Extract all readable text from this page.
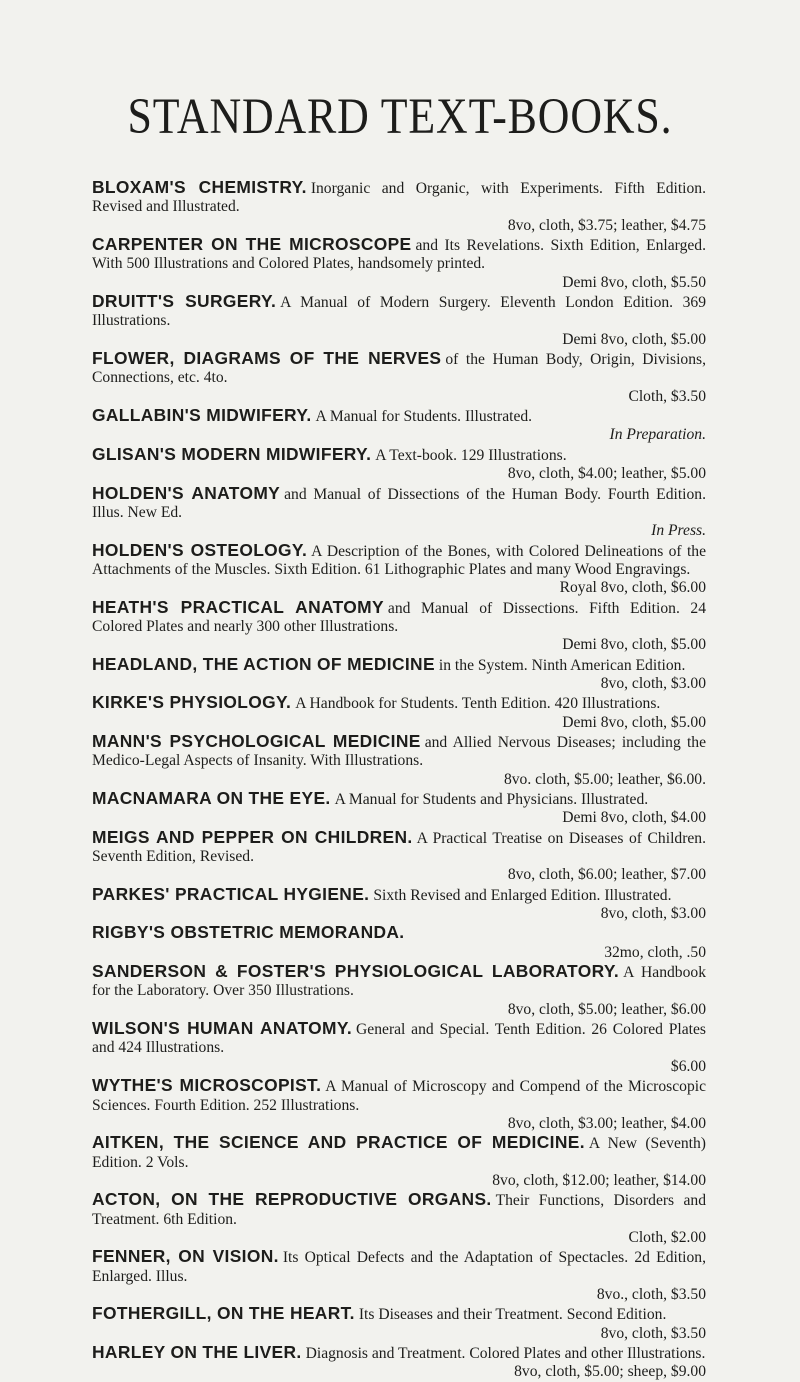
STANDARD TEXT-BOOKS.
BLOXAM'S CHEMISTRY. Inorganic and Organic, with Experiments. Fifth Edition. Revised and Illustrated.
8vo, cloth, $3.75; leather, $4.75
CARPENTER ON THE MICROSCOPE and Its Revelations. Sixth Edition, Enlarged. With 500 Illustrations and Colored Plates, handsomely printed.
Demi 8vo, cloth, $5.50
DRUITT'S SURGERY. A Manual of Modern Surgery. Eleventh London Edition. 369 Illustrations.
Demi 8vo, cloth, $5.00
FLOWER, DIAGRAMS OF THE NERVES of the Human Body, Origin, Divisions, Connections, etc. 4to.
Cloth, $3.50
GALLABIN'S MIDWIFERY. A Manual for Students. Illustrated.
In Preparation.
GLISAN'S MODERN MIDWIFERY. A Text-book. 129 Illustrations.
8vo, cloth, $4.00; leather, $5.00
HOLDEN'S ANATOMY and Manual of Dissections of the Human Body. Fourth Edition. Illus. New Ed.
In Press.
HOLDEN'S OSTEOLOGY. A Description of the Bones, with Colored Delineations of the Attachments of the Muscles. Sixth Edition. 61 Lithographic Plates and many Wood Engravings.
Royal 8vo, cloth, $6.00
HEATH'S PRACTICAL ANATOMY and Manual of Dissections. Fifth Edition. 24 Colored Plates and nearly 300 other Illustrations.
Demi 8vo, cloth, $5.00
HEADLAND, THE ACTION OF MEDICINE in the System. Ninth American Edition.
8vo, cloth, $3.00
KIRKE'S PHYSIOLOGY. A Handbook for Students. Tenth Edition. 420 Illustrations.
Demi 8vo, cloth, $5.00
MANN'S PSYCHOLOGICAL MEDICINE and Allied Nervous Diseases; including the Medico-Legal Aspects of Insanity. With Illustrations.
8vo. cloth, $5.00; leather, $6.00.
MACNAMARA ON THE EYE. A Manual for Students and Physicians. Illustrated.
Demi 8vo, cloth, $4.00
MEIGS AND PEPPER ON CHILDREN. A Practical Treatise on Diseases of Children. Seventh Edition, Revised.
8vo, cloth, $6.00; leather, $7.00
PARKES' PRACTICAL HYGIENE. Sixth Revised and Enlarged Edition. Illustrated.
8vo, cloth, $3.00
RIGBY'S OBSTETRIC MEMORANDA.
32mo, cloth, .50
SANDERSON & FOSTER'S PHYSIOLOGICAL LABORATORY. A Handbook for the Laboratory. Over 350 Illustrations.
8vo, cloth, $5.00; leather, $6.00
WILSON'S HUMAN ANATOMY. General and Special. Tenth Edition. 26 Colored Plates and 424 Illustrations.
$6.00
WYTHE'S MICROSCOPIST. A Manual of Microscopy and Compend of the Microscopic Sciences. Fourth Edition. 252 Illustrations.
8vo, cloth, $3.00; leather, $4.00
AITKEN, THE SCIENCE AND PRACTICE OF MEDICINE. A New (Seventh) Edition. 2 Vols.
8vo, cloth, $12.00; leather, $14.00
ACTON, ON THE REPRODUCTIVE ORGANS. Their Functions, Disorders and Treatment. 6th Edition.
Cloth, $2.00
FENNER, ON VISION. Its Optical Defects and the Adaptation of Spectacles. 2d Edition, Enlarged. Illus.
8vo., cloth, $3.50
FOTHERGILL, ON THE HEART. Its Diseases and their Treatment. Second Edition.
8vo, cloth, $3.50
HARLEY ON THE LIVER. Diagnosis and Treatment. Colored Plates and other Illustrations.
8vo, cloth, $5.00; sheep, $9.00
